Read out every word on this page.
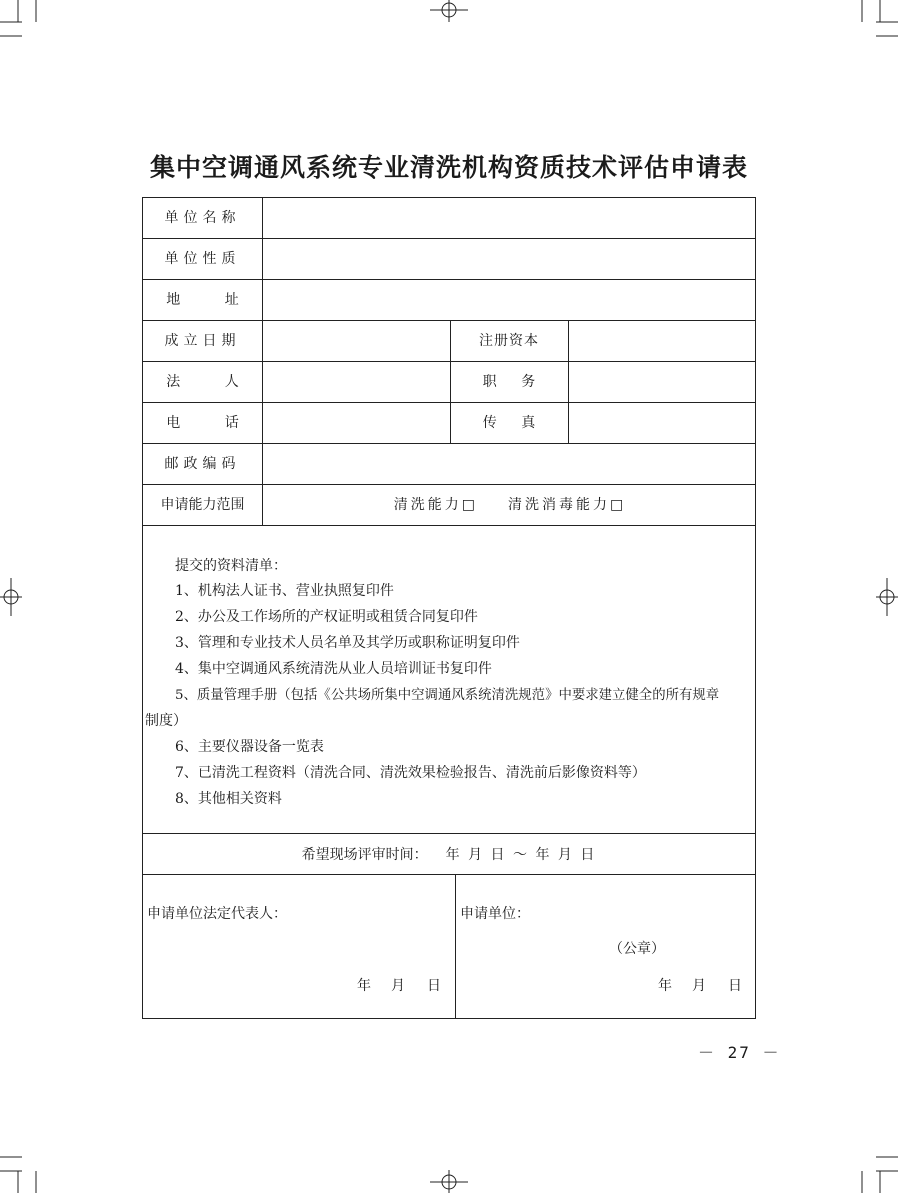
集中空调通风系统专业清洗机构资质技术评估申请表
单位名称
单位性质
地 址
成立日期	注册资本
法 人	职 务
电 话	传 真
邮政编码
申请能力范围	清洗能力 □ 清洗消毒能力 □
提交的资料清单：
1、机构法人证书、营业执照复印件
2、办公及工作场所的产权证明或租赁合同复印件
3、管理和专业技术人员名单及其学历或职称证明复印件
4、集中空调通风系统清洗从业人员培训证书复印件
5、质量管理手册（包括《公共场所集中空调通风系统清洗规范》中要求建立健全的所有规章
制度）
6、主要仪器设备一览表
7、已清洗工程资料（清洗合同、清洗效果检验报告、清洗前后影像资料等）
8、其他相关资料
希望现场评审时间： 年 月 日 ～ 年 月 日
申请单位法定代表人：
年 月 日
申请单位：
（公章）
年 月 日
－ 27 －
